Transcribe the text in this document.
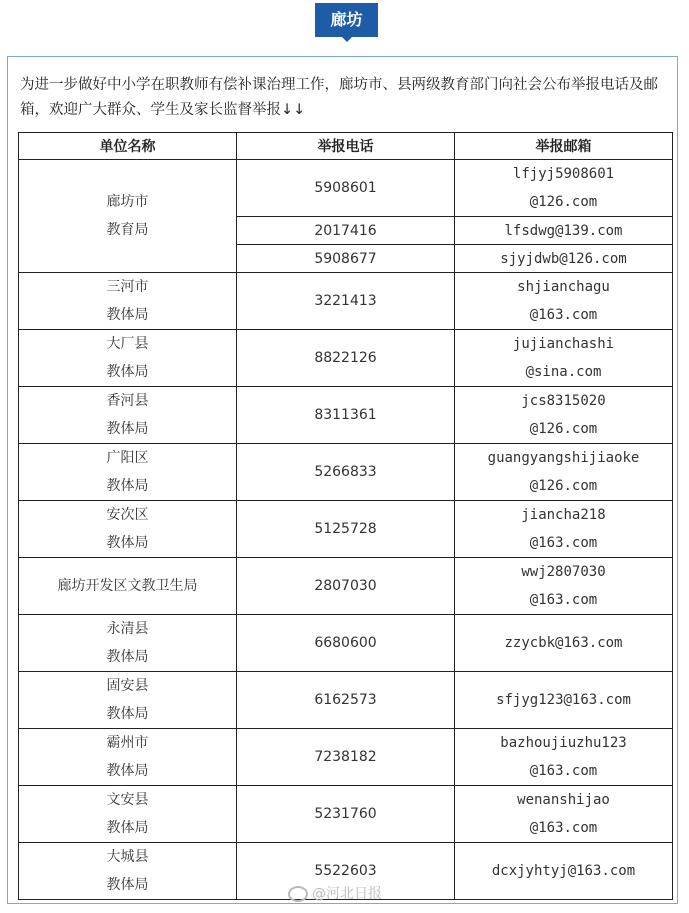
廊坊
为进一步做好中小学在职教师有偿补课治理工作，廊坊市、县两级教育部门向社会公布举报电话及邮箱，欢迎广大群众、学生及家长监督举报↓↓
单位名称	举报电话	举报邮箱

廊坊市
教育局	5908601	lfjyj5908601
@126.com

	2017416	lfsdwg@139.com
	5908677	sjyjdwb@126.com

三河市
教体局	3221413	shjianchagu
@163.com

大厂县
教体局	8822126	jujianchashi
@sina.com

香河县
教体局	8311361	jcs8315020
@126.com

广阳区
教体局	5266833	guangyangshijiaoke
@126.com

安次区
教体局	5125728	jiancha218
@163.com

廊坊开发区文教卫生局	2807030	wwj2807030
@163.com

永清县
教体局	6680600	zzycbk@163.com

固安县
教体局	6162573	sfjyg123@163.com

霸州市
教体局	7238182	bazhoujiuzhu123
@163.com

文安县
教体局	5231760	wenanshijao
@163.com

大城县
教体局	5522603	dcxjyhtyj@163.com
@河北日报
